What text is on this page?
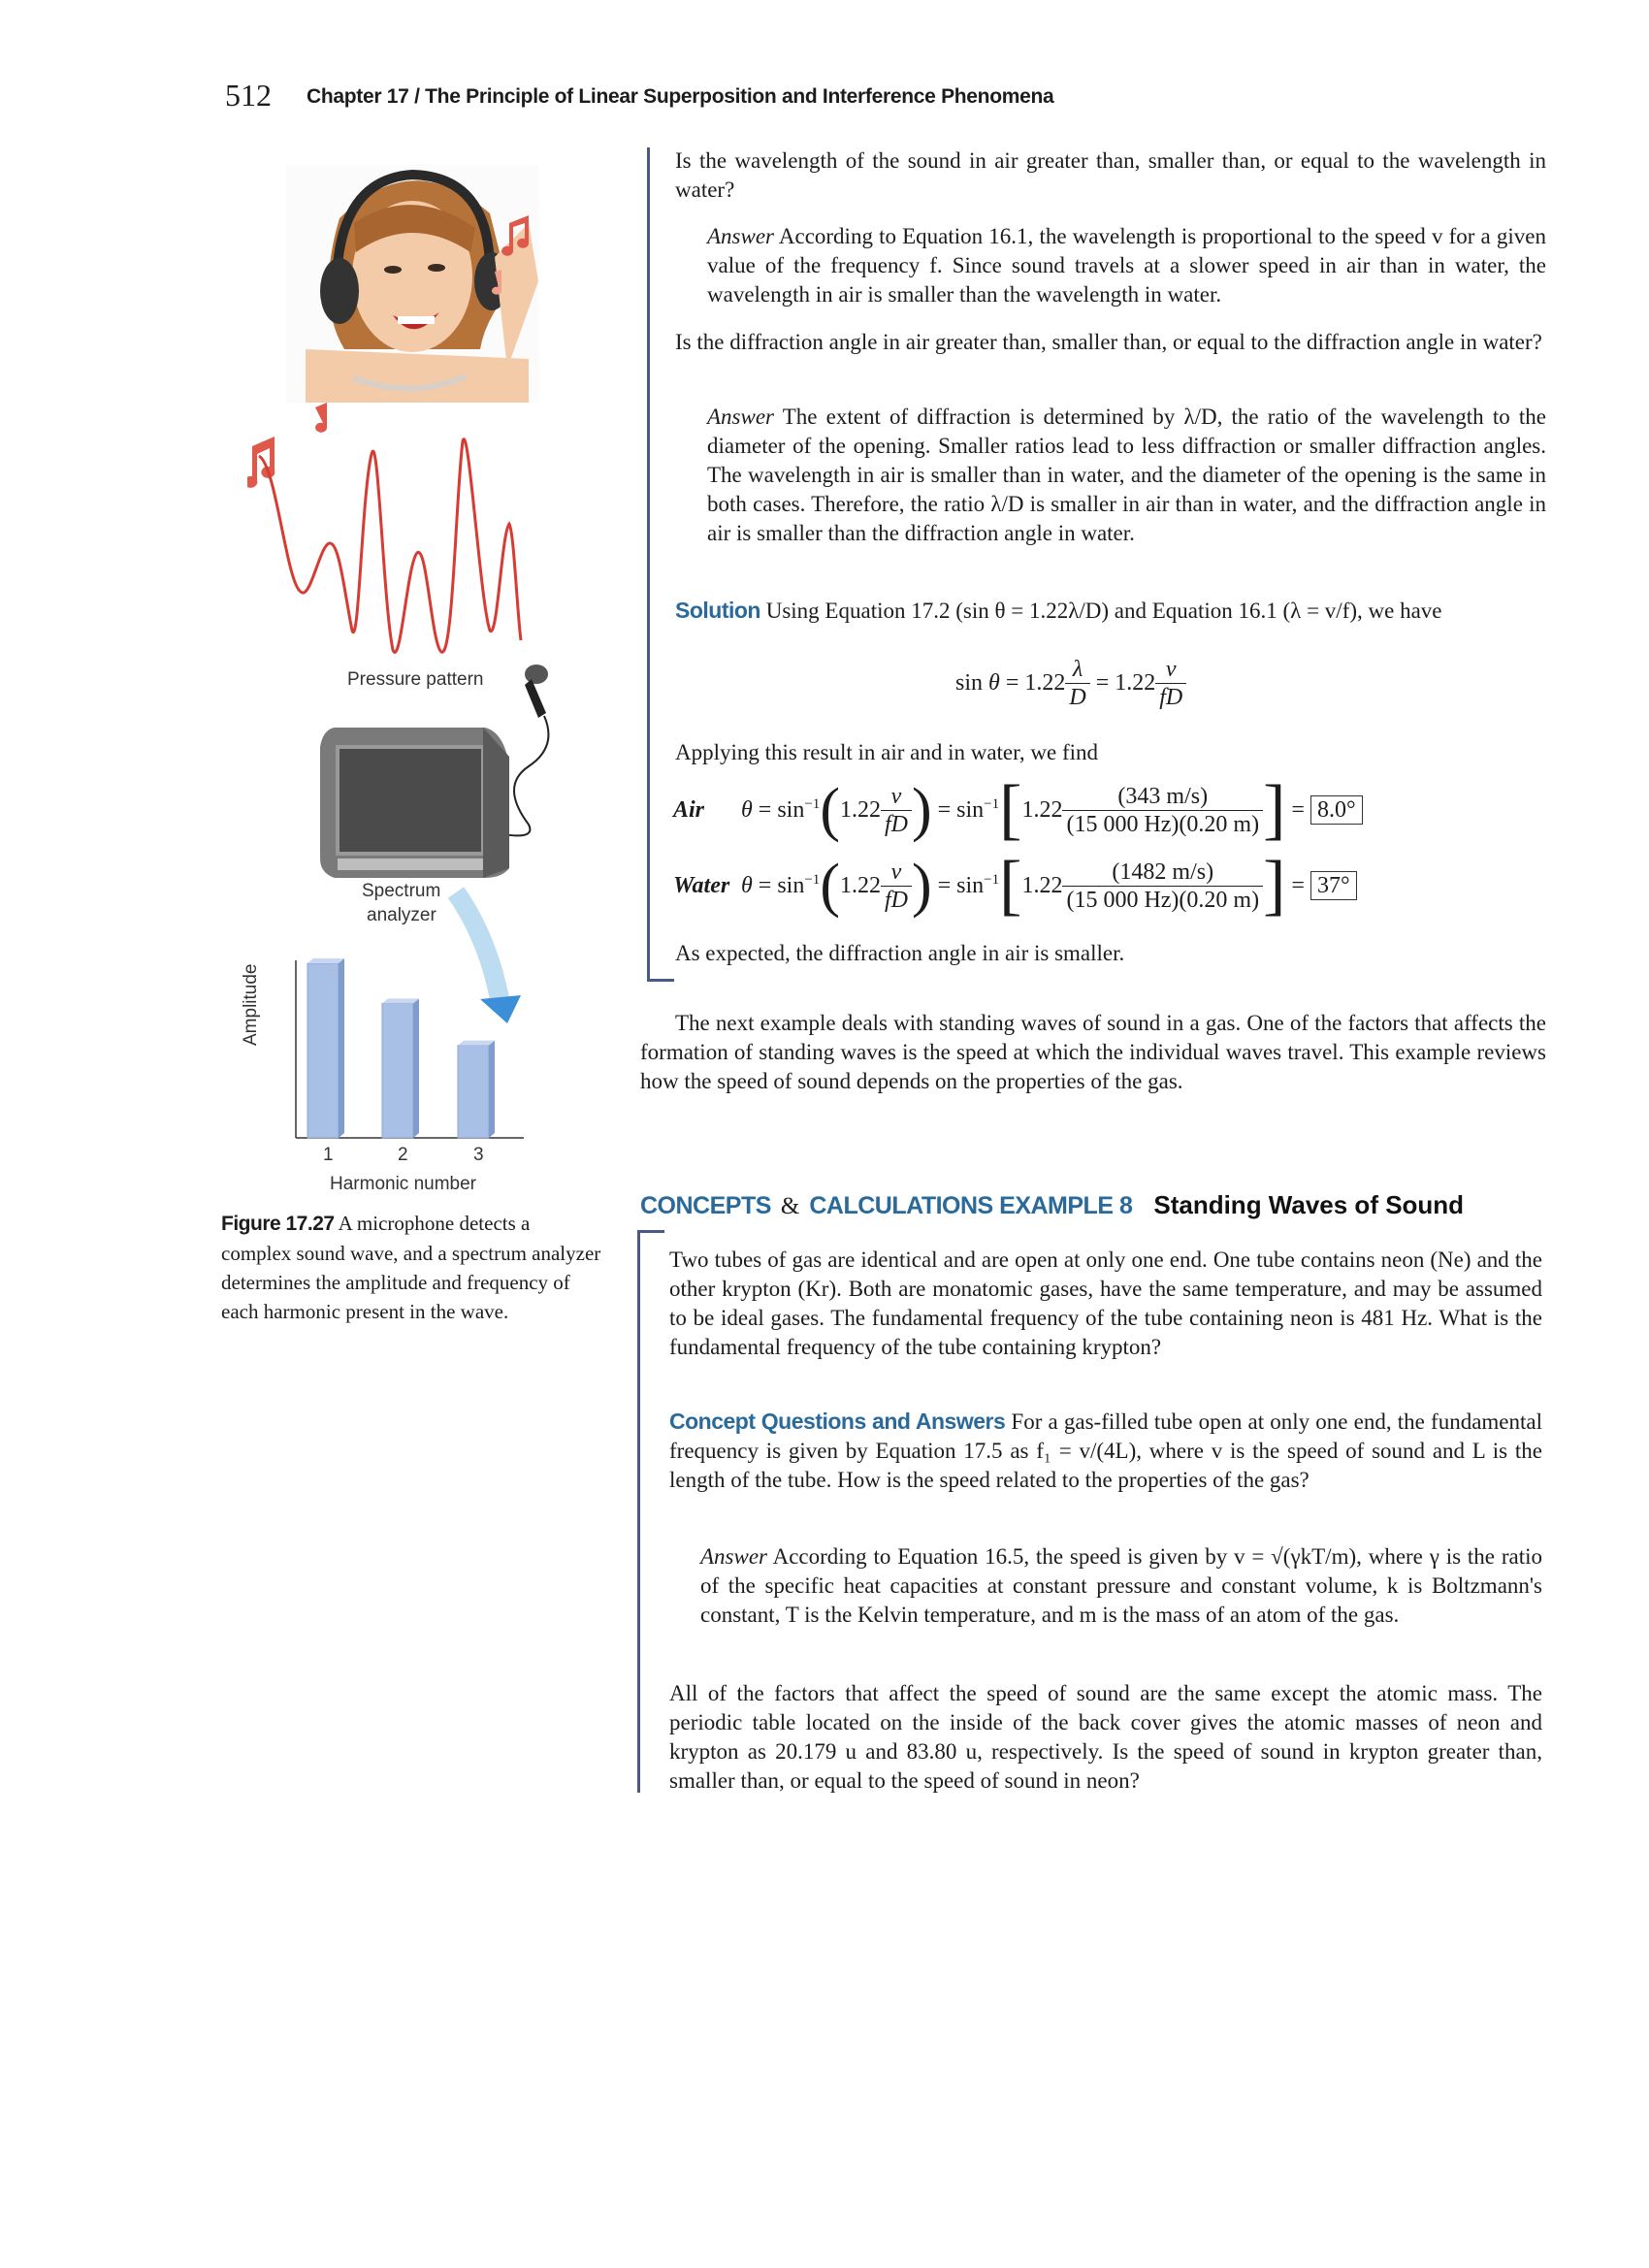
512 Chapter 17 / The Principle of Linear Superposition and Interference Phenomena
Pressure pattern
Spectrum
analyzer
Amplitude
1	2	3
Harmonic number
Figure 17.27 A microphone detects a complex sound wave, and a spectrum analyzer determines the amplitude and frequency of each harmonic present in the wave.

Is the wavelength of the sound in air greater than, smaller than, or equal to the wavelength in water?

Answer According to Equation 16.1, the wavelength is proportional to the speed v for a given value of the frequency f. Since sound travels at a slower speed in air than in water, the wavelength in air is smaller than the wavelength in water.

Is the diffraction angle in air greater than, smaller than, or equal to the diffraction angle in water?

Answer The extent of diffraction is determined by λ/D, the ratio of the wavelength to the diameter of the opening. Smaller ratios lead to less diffraction or smaller diffraction angles. The wavelength in air is smaller than in water, and the diameter of the opening is the same in both cases. Therefore, the ratio λ/D is smaller in air than in water, and the diffraction angle in air is smaller than the diffraction angle in water.

Solution Using Equation 17.2 (sin θ = 1.22λ/D) and Equation 16.1 (λ = v/f), we have

$\sin \theta = 1.22 \frac{\lambda}{D} = 1.22 \frac{v}{fD}$

Applying this result in air and in water, we find

Air	$\theta = \sin^{-1}$ ( $1.22 \frac{v}{fD}$ ) = $\sin^{-1}$ [ $1.22 \frac{(343 m/s)}{(15 000 Hz)(0.20 m)}$ ] = 8.0°
Water $\theta = \sin^{-1}$ ( $1.22 \frac{v}{fD}$ ) = $\sin^{-1}$ [ $1.22 \frac{(1482 m/s)}{(15 000 Hz)(0.20 m)}$ ] = 37°

As expected, the diffraction angle in air is smaller.

The next example deals with standing waves of sound in a gas. One of the factors that affects the formation of standing waves is the speed at which the individual waves travel. This example reviews how the speed of sound depends on the properties of the gas.

CONCEPTS & CALCULATIONS EXAMPLE 8 Standing Waves of Sound

Two tubes of gas are identical and are open at only one end. One tube contains neon (Ne) and the other krypton (Kr). Both are monatomic gases, have the same temperature, and may be assumed to be ideal gases. The fundamental frequency of the tube containing neon is 481 Hz. What is the fundamental frequency of the tube containing krypton?

Concept Questions and Answers For a gas-filled tube open at only one end, the fundamental frequency is given by Equation 17.5 as f₁ = v/(4L), where v is the speed of sound and L is the length of the tube. How is the speed related to the properties of the gas?

Answer According to Equation 16.5, the speed is given by v = √(γkT/m), where γ is the ratio of the specific heat capacities at constant pressure and constant volume, k is Boltzmann's constant, T is the Kelvin temperature, and m is the mass of an atom of the gas.

All of the factors that affect the speed of sound are the same except the atomic mass. The periodic table located on the inside of the back cover gives the atomic masses of neon and krypton as 20.179 u and 83.80 u, respectively. Is the speed of sound in krypton greater than, smaller than, or equal to the speed of sound in neon?
